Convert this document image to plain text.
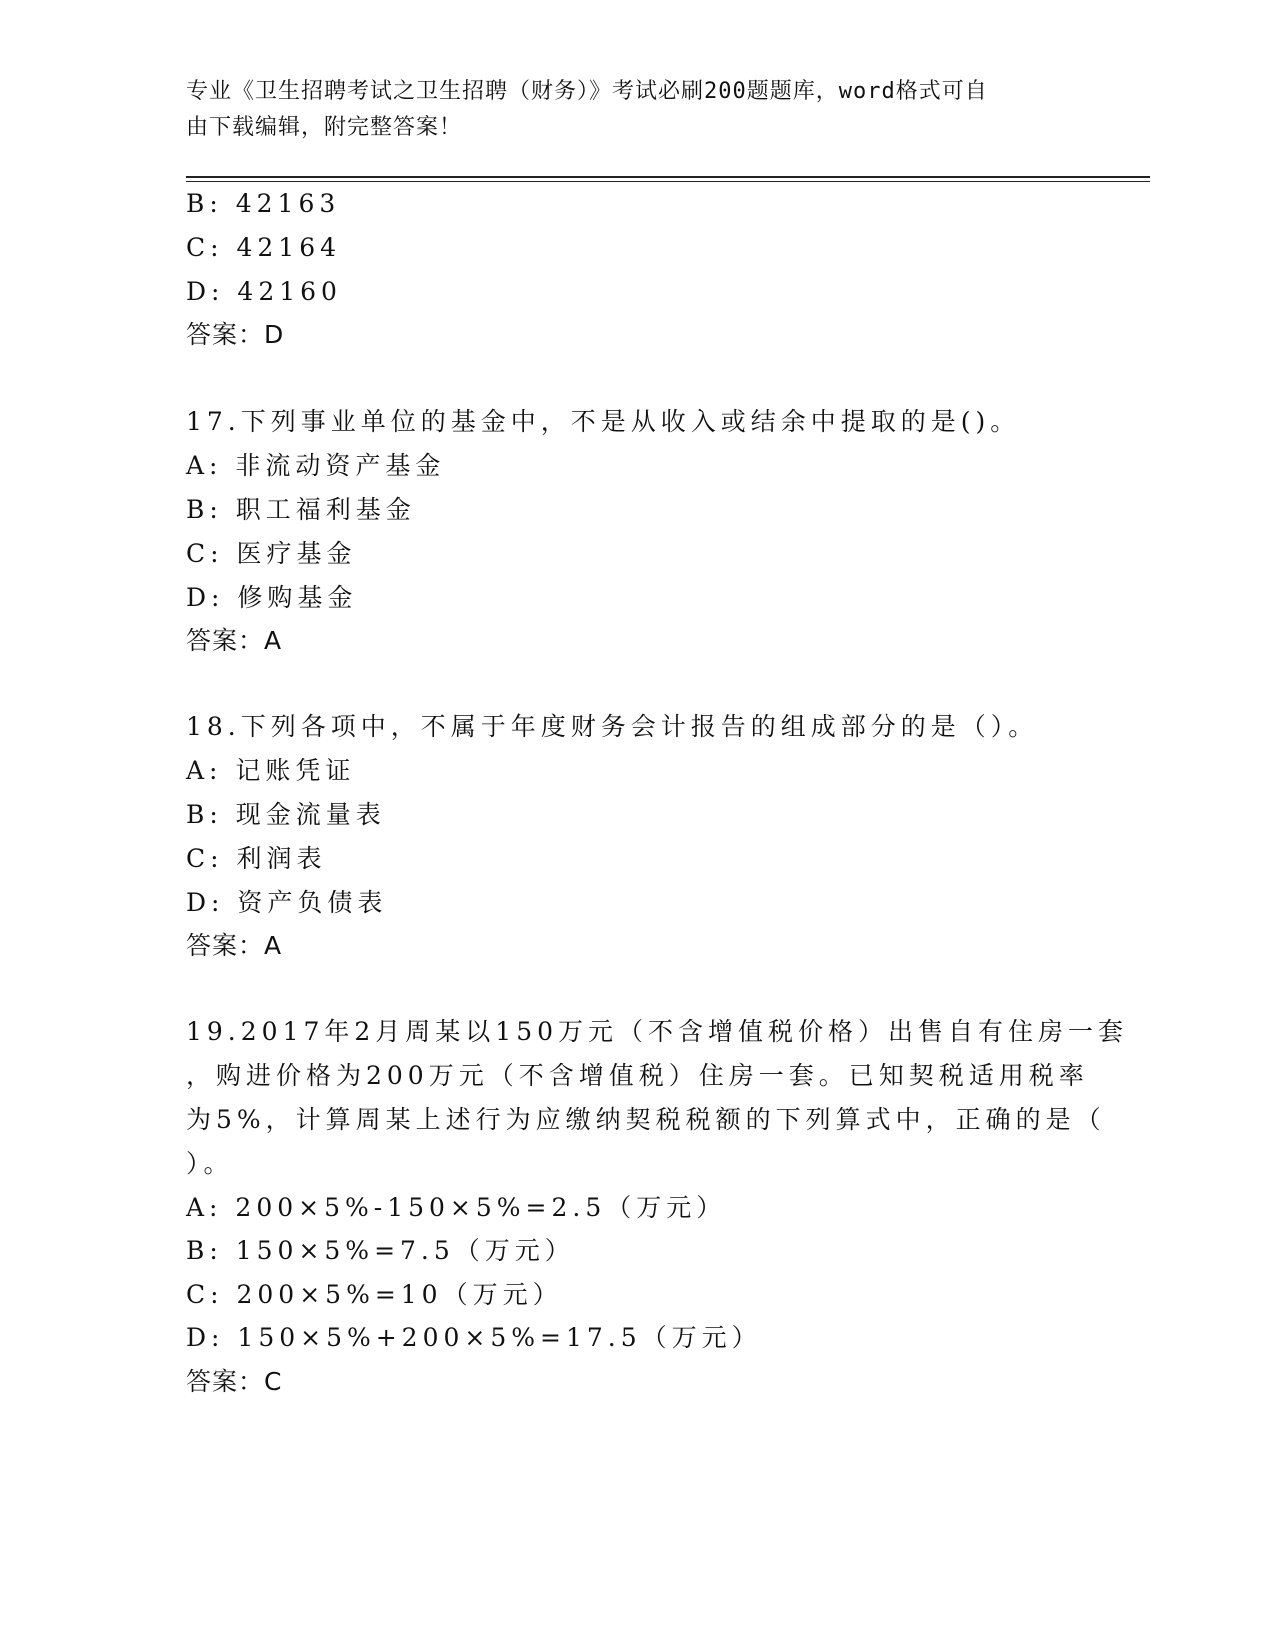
专业《卫生招聘考试之卫生招聘（财务）》考试必刷200题题库，word格式可自
由下载编辑，附完整答案！
B: 42163
C: 42164
D: 42160
答案：D
17.下列事业单位的基金中，不是从收入或结余中提取的是()。
A: 非流动资产基金
B: 职工福利基金
C: 医疗基金
D: 修购基金
答案：A
18.下列各项中，不属于年度财务会计报告的组成部分的是（）。
A: 记账凭证
B: 现金流量表
C: 利润表
D: 资产负债表
答案：A
19.2017年2月周某以150万元（不含增值税价格）出售自有住房一套
，购进价格为200万元（不含增值税）住房一套。已知契税适用税率
为5%，计算周某上述行为应缴纳契税税额的下列算式中，正确的是（
）。
A: 200×5%-150×5%=2.5（万元）
B: 150×5%=7.5（万元）
C: 200×5%=10（万元）
D: 150×5%+200×5%=17.5（万元）
答案：C
